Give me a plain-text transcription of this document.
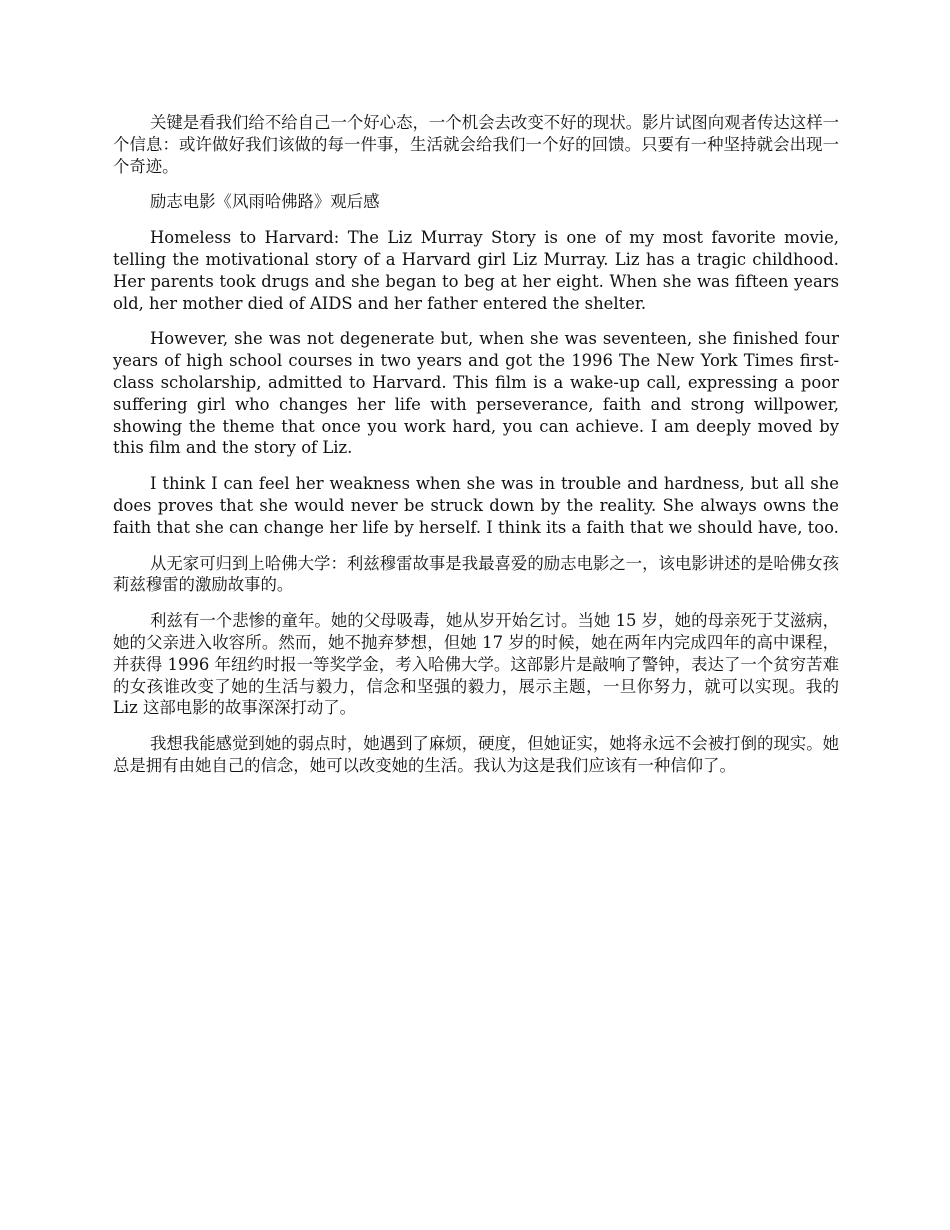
关键是看我们给不给自己一个好心态，一个机会去改变不好的现状。影片试图向观者传达这样一个信息：或许做好我们该做的每一件事，生活就会给我们一个好的回馈。只要有一种坚持就会出现一个奇迹。

励志电影《风雨哈佛路》观后感

Homeless to Harvard: The Liz Murray Story is one of my most favorite movie, telling the motivational story of a Harvard girl Liz Murray. Liz has a tragic childhood. Her parents took drugs and she began to beg at her eight. When she was fifteen years old, her mother died of AIDS and her father entered the shelter.

However, she was not degenerate but, when she was seventeen, she finished four years of high school courses in two years and got the 1996 The New York Times first-class scholarship, admitted to Harvard. This film is a wake-up call, expressing a poor suffering girl who changes her life with perseverance, faith and strong willpower, showing the theme that once you work hard, you can achieve. I am deeply moved by this film and the story of Liz.

I think I can feel her weakness when she was in trouble and hardness, but all she does proves that she would never be struck down by the reality. She always owns the faith that she can change her life by herself. I think its a faith that we should have, too.

从无家可归到上哈佛大学：利兹穆雷故事是我最喜爱的励志电影之一，该电影讲述的是哈佛女孩莉兹穆雷的激励故事的。

利兹有一个悲惨的童年。她的父母吸毒，她从岁开始乞讨。当她 15 岁，她的母亲死于艾滋病，她的父亲进入收容所。然而，她不抛弃梦想，但她 17 岁的时候，她在两年内完成四年的高中课程，并获得 1996 年纽约时报一等奖学金，考入哈佛大学。这部影片是敲响了警钟，表达了一个贫穷苦难的女孩谁改变了她的生活与毅力，信念和坚强的毅力，展示主题，一旦你努力，就可以实现。我的 Liz 这部电影的故事深深打动了。

我想我能感觉到她的弱点时，她遇到了麻烦，硬度，但她证实，她将永远不会被打倒的现实。她总是拥有由她自己的信念，她可以改变她的生活。我认为这是我们应该有一种信仰了。
